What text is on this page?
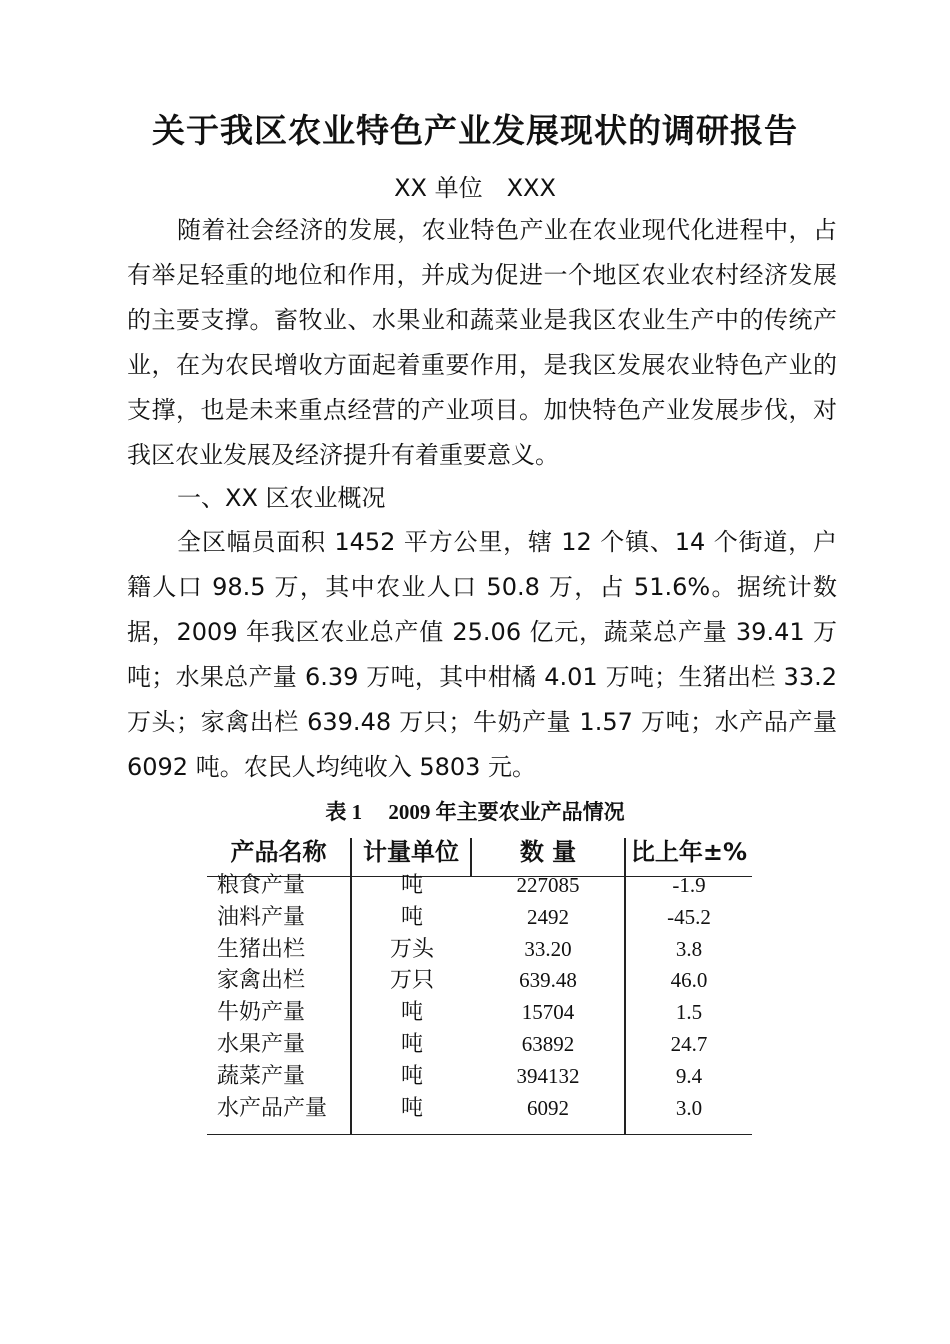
关于我区农业特色产业发展现状的调研报告
XX 单位　XXX

随着社会经济的发展，农业特色产业在农业现代化进程中，占有举足轻重的地位和作用，并成为促进一个地区农业农村经济发展的主要支撑。畜牧业、水果业和蔬菜业是我区农业生产中的传统产业，在为农民增收方面起着重要作用，是我区发展农业特色产业的支撑，也是未来重点经营的产业项目。加快特色产业发展步伐，对我区农业发展及经济提升有着重要意义。

一、XX 区农业概况

全区幅员面积 1452 平方公里，辖 12 个镇、14 个街道，户籍人口 98.5 万，其中农业人口 50.8 万，占 51.6%。据统计数据，2009 年我区农业总产值 25.06 亿元，蔬菜总产量 39.41 万吨；水果总产量 6.39 万吨，其中柑橘 4.01 万吨；生猪出栏 33.2 万头；家禽出栏 639.48 万只；牛奶产量 1.57 万吨；水产品产量 6092 吨。农民人均纯收入 5803 元。

表 1　 2009 年主要农业产品情况
产品名称	计量单位	数 量	比上年±%
粮食产量	吨	227085	-1.9
油料产量	吨	2492	-45.2
生猪出栏	万头	33.20	3.8
家禽出栏	万只	639.48	46.0
牛奶产量	吨	15704	1.5
水果产量	吨	63892	24.7
蔬菜产量	吨	394132	9.4
水产品产量	吨	6092	3.0
